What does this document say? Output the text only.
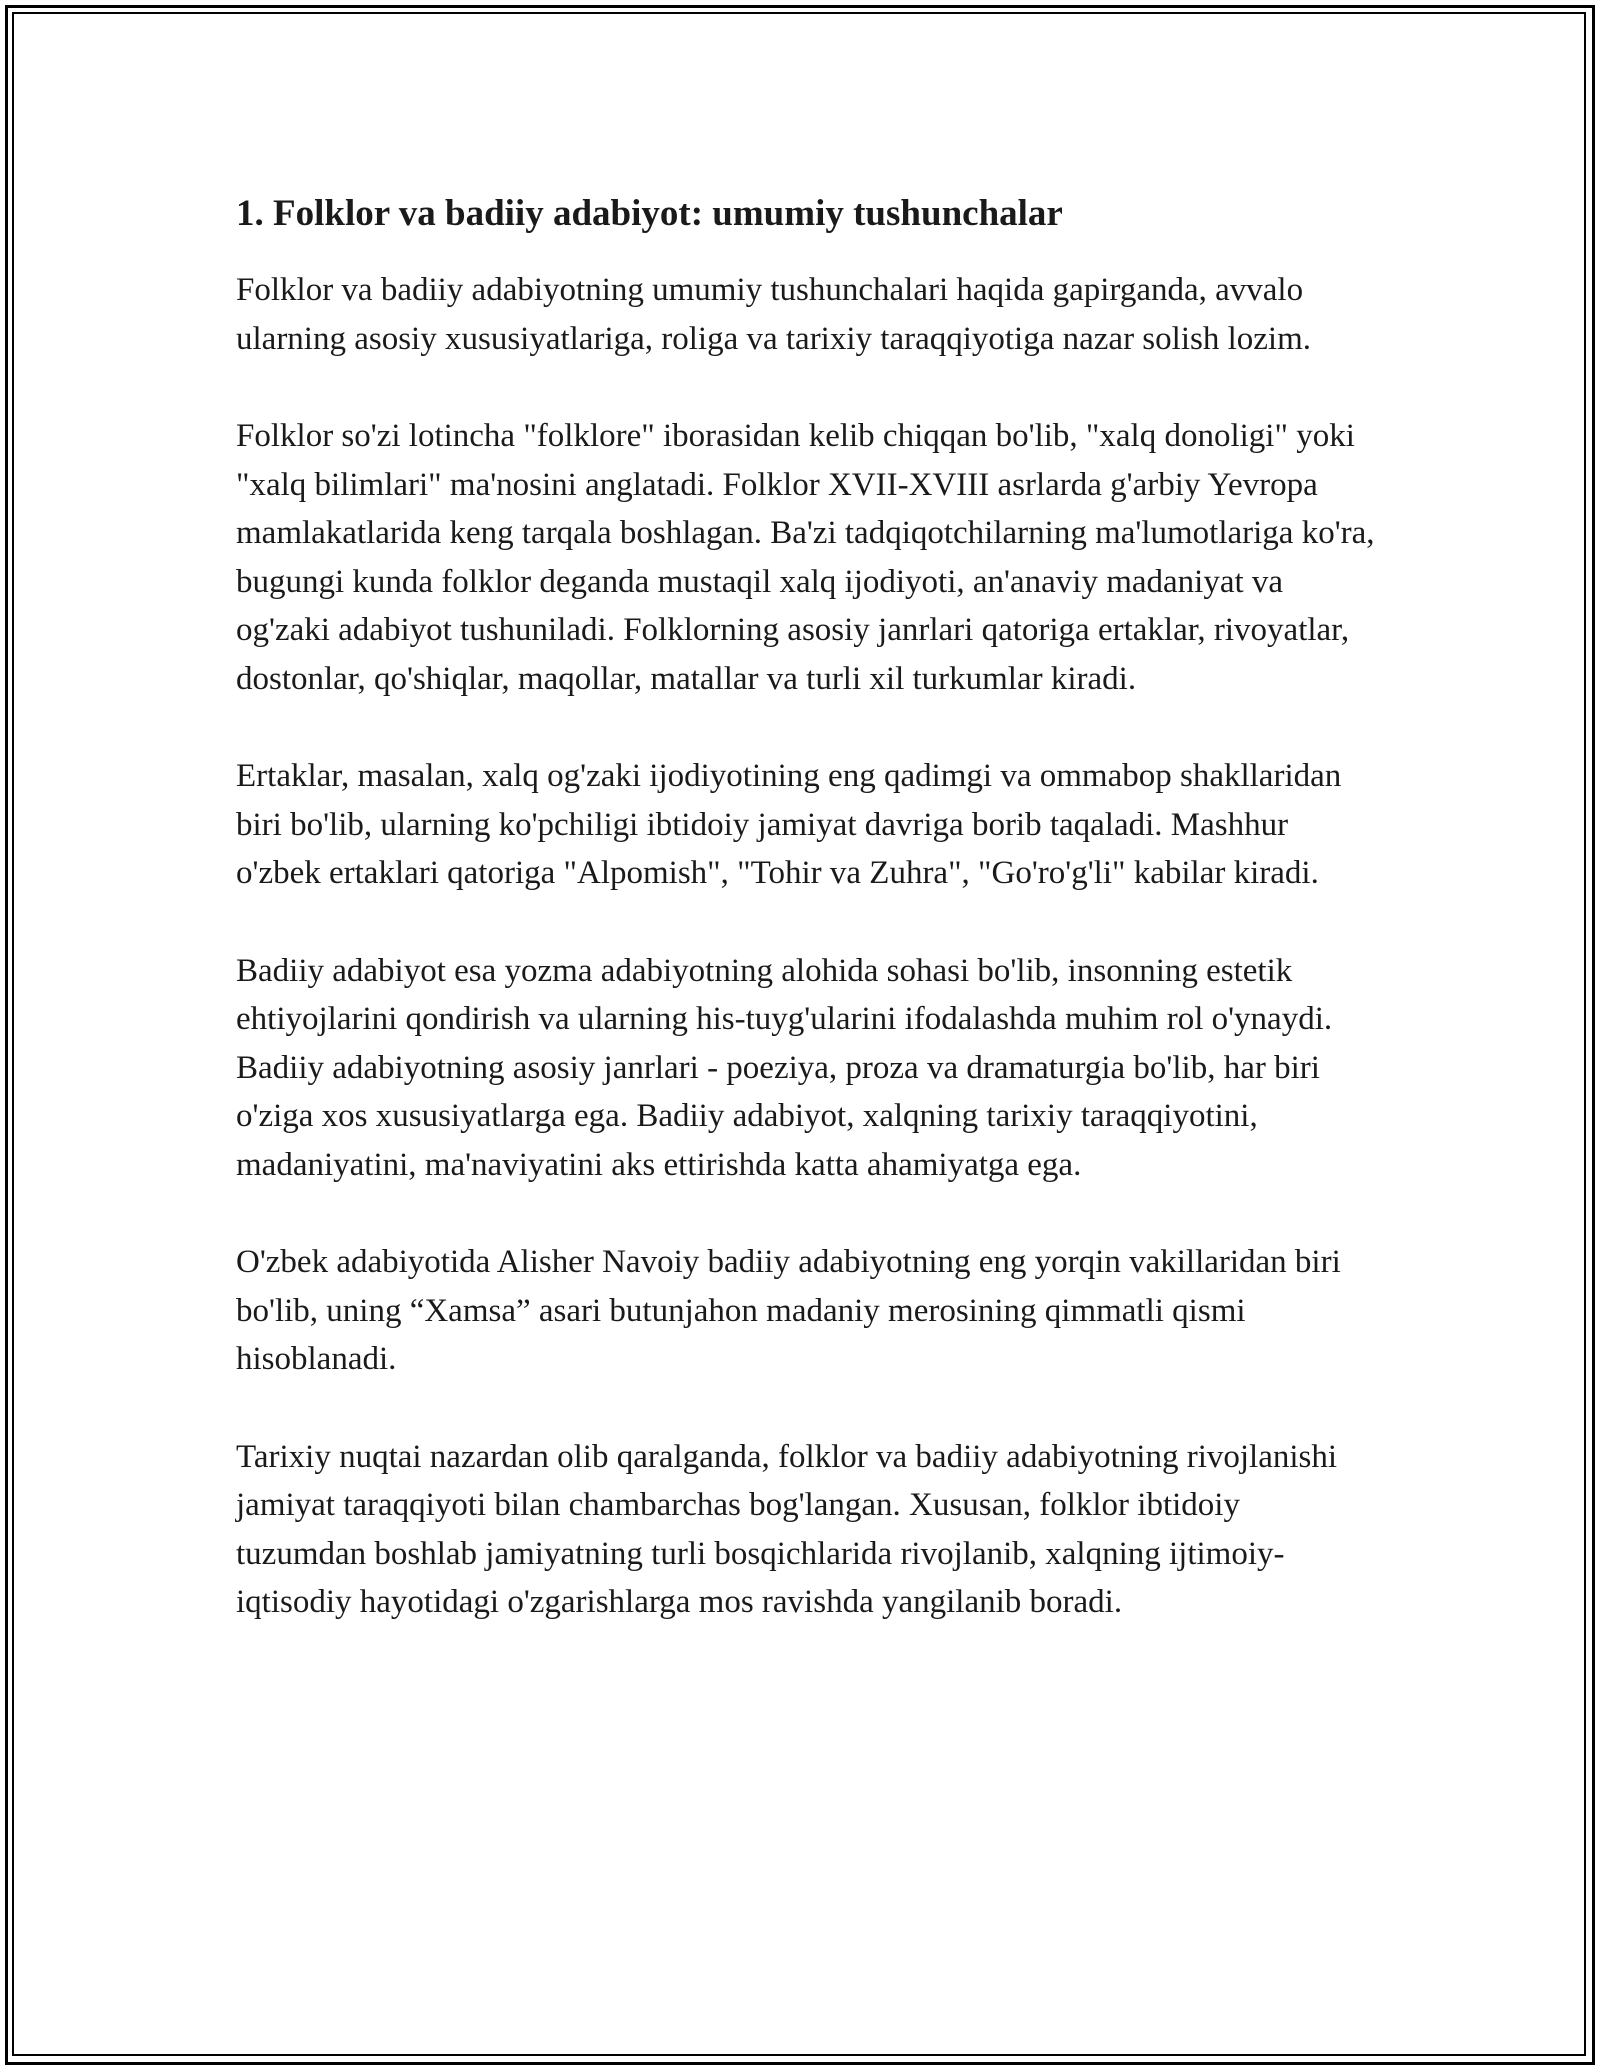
1. Folklor va badiiy adabiyot: umumiy tushunchalar

Folklor va badiiy adabiyotning umumiy tushunchalari haqida gapirganda, avvalo ularning asosiy xususiyatlariga, roliga va tarixiy taraqqiyotiga nazar solish lozim.

Folklor so'zi lotincha "folklore" iborasidan kelib chiqqan bo'lib, "xalq donoligi" yoki "xalq bilimlari" ma'nosini anglatadi. Folklor XVII-XVIII asrlarda g'arbiy Yevropa mamlakatlarida keng tarqala boshlagan. Ba'zi tadqiqotchilarning ma'lumotlariga ko'ra, bugungi kunda folklor deganda mustaqil xalq ijodiyoti, an'anaviy madaniyat va og'zaki adabiyot tushuniladi. Folklorning asosiy janrlari qatoriga ertaklar, rivoyatlar, dostonlar, qo'shiqlar, maqollar, matallar va turli xil turkumlar kiradi.

Ertaklar, masalan, xalq og'zaki ijodiyotining eng qadimgi va ommabop shakllaridan biri bo'lib, ularning ko'pchiligi ibtidoiy jamiyat davriga borib taqaladi. Mashhur o'zbek ertaklari qatoriga "Alpomish", "Tohir va Zuhra", "Go'ro'g'li" kabilar kiradi.

Badiiy adabiyot esa yozma adabiyotning alohida sohasi bo'lib, insonning estetik ehtiyojlarini qondirish va ularning his-tuyg'ularini ifodalashda muhim rol o'ynaydi. Badiiy adabiyotning asosiy janrlari - poeziya, proza va dramaturgia bo'lib, har biri o'ziga xos xususiyatlarga ega. Badiiy adabiyot, xalqning tarixiy taraqqiyotini, madaniyatini, ma'naviyatini aks ettirishda katta ahamiyatga ega.

O'zbek adabiyotida Alisher Navoiy badiiy adabiyotning eng yorqin vakillaridan biri bo'lib, uning “Xamsa” asari butunjahon madaniy merosining qimmatli qismi hisoblanadi.

Tarixiy nuqtai nazardan olib qaralganda, folklor va badiiy adabiyotning rivojlanishi jamiyat taraqqiyoti bilan chambarchas bog'langan. Xususan, folklor ibtidoiy tuzumdan boshlab jamiyatning turli bosqichlarida rivojlanib, xalqning ijtimoiy-iqtisodiy hayotidagi o'zgarishlarga mos ravishda yangilanib boradi.
